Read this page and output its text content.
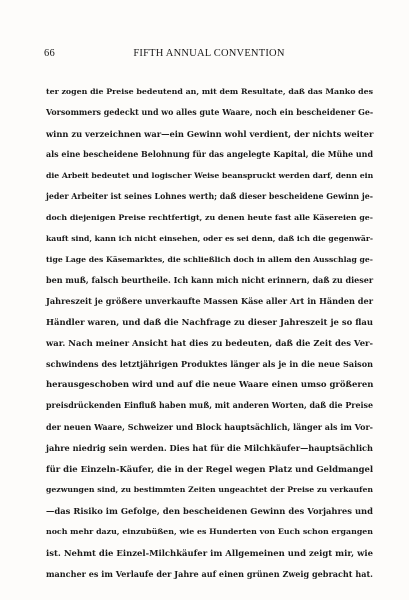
66	FIFTH ANNUAL CONVENTION
ter zogen die Preise bedeutend an, mit dem Resultate, daß das Manko des
Vorsommers gedeckt und wo alles gute Waare, noch ein bescheidener Ge-
winn zu verzeichnen war—ein Gewinn wohl verdient, der nichts weiter
als eine bescheidene Belohnung für das angelegte Kapital, die Mühe und
die Arbeit bedeutet und logischer Weise beanspruckt werden darf, denn ein
jeder Arbeiter ist seines Lohnes werth; daß dieser bescheidene Gewinn je-
doch diejenigen Preise rechtfertigt, zu denen heute fast alle Käsereien ge-
kauft sind, kann ich nicht einsehen, oder es sei denn, daß ich die gegenwär-
tige Lage des Käsemarktes, die schließlich doch in allem den Ausschlag ge-
ben muß, falsch beurtheile. Ich kann mich nicht erinnern, daß zu dieser
Jahreszeit je größere unverkaufte Massen Käse aller Art in Händen der
Händler waren, und daß die Nachfrage zu dieser Jahreszeit je so flau
war. Nach meiner Ansicht hat dies zu bedeuten, daß die Zeit des Ver-
schwindens des letztjährigen Produktes länger als je in die neue Saison
herausgeschoben wird und auf die neue Waare einen umso größeren
preisdrückenden Einfluß haben muß, mit anderen Worten, daß die Preise
der neuen Waare, Schweizer und Block hauptsächlich, länger als im Vor-
jahre niedrig sein werden. Dies hat für die Milchkäufer—hauptsächlich
für die Einzeln-Käufer, die in der Regel wegen Platz und Geldmangel
gezwungen sind, zu bestimmten Zeiten ungeachtet der Preise zu verkaufen
—das Risiko im Gefolge, den bescheidenen Gewinn des Vorjahres und
noch mehr dazu, einzubüßen, wie es Hunderten von Euch schon ergangen
ist. Nehmt die Einzel-Milchkäufer im Allgemeinen und zeigt mir, wie
mancher es im Verlaufe der Jahre auf einen grünen Zweig gebracht hat.
